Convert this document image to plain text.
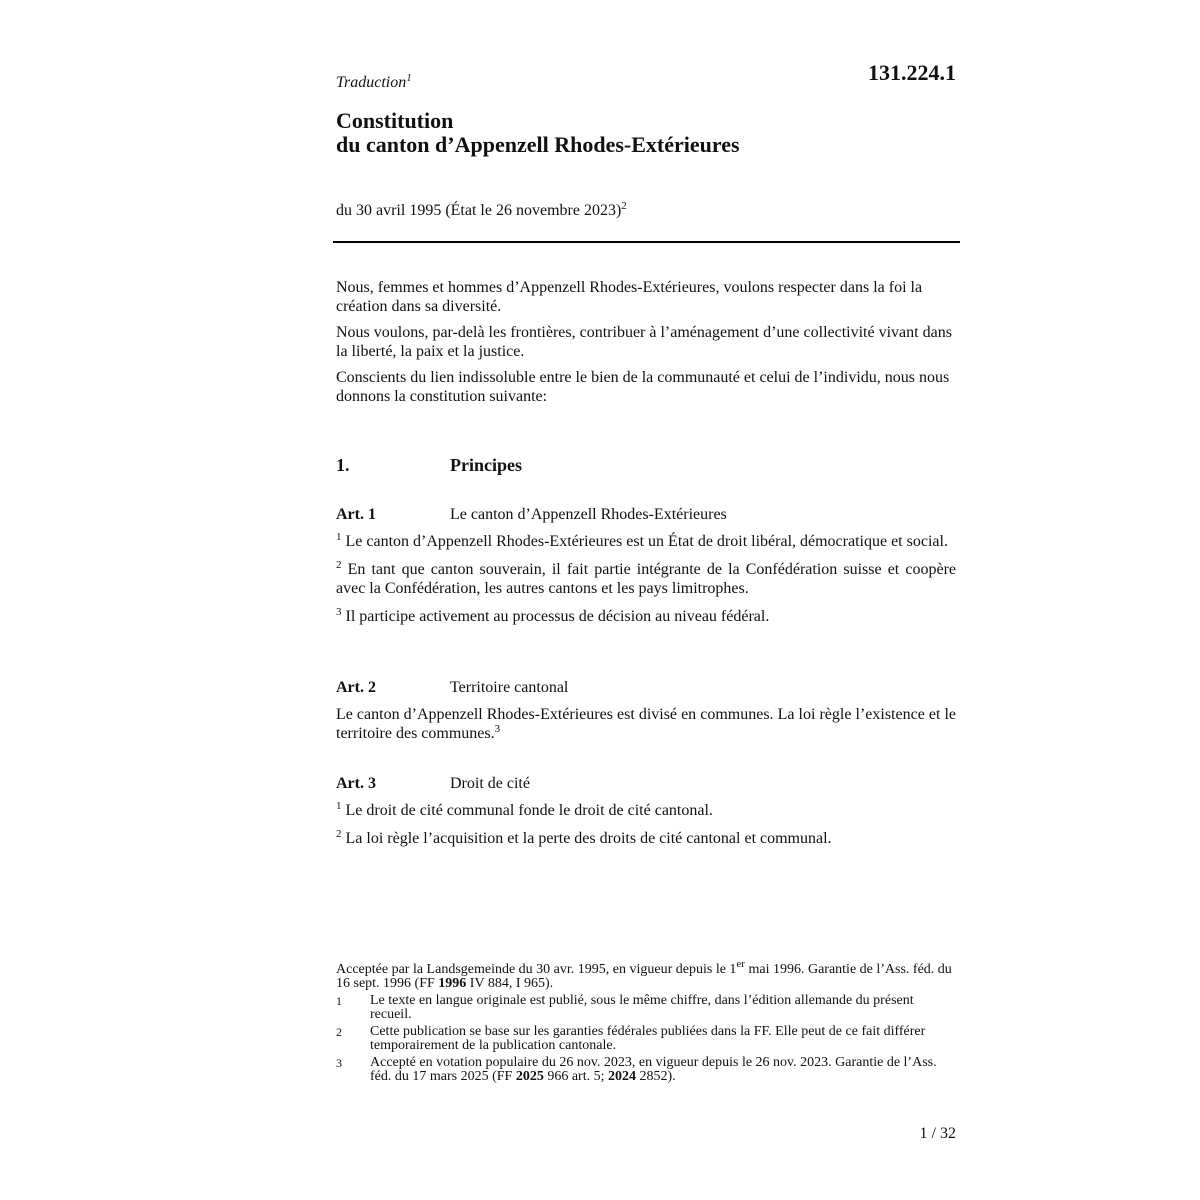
131.224.1
Traduction$^1$
Constitution
du canton d’Appenzell Rhodes-Extérieures
du 30 avril 1995 (État le 26 novembre 2023)$^2$

Nous, femmes et hommes d’Appenzell Rhodes-Extérieures, voulons respecter dans la foi la création dans sa diversité.

Nous voulons, par-delà les frontières, contribuer à l’aménagement d’une collectivité vivant dans la liberté, la paix et la justice.

Conscients du lien indissoluble entre le bien de la communauté et celui de l’individu, nous nous donnons la constitution suivante:

1.	Principes
Art. 1	Le canton d’Appenzell Rhodes-Extérieures

$^1$ Le canton d’Appenzell Rhodes-Extérieures est un État de droit libéral, démocratique et social.

$^2$ En tant que canton souverain, il fait partie intégrante de la Confédération suisse et coopère avec la Confédération, les autres cantons et les pays limitrophes.

$^3$ Il participe activement au processus de décision au niveau fédéral.

Art. 2	Territoire cantonal

Le canton d’Appenzell Rhodes-Extérieures est divisé en communes. La loi règle l’existence et le territoire des communes.$^3$

Art. 3	Droit de cité

$^1$ Le droit de cité communal fonde le droit de cité cantonal.

$^2$ La loi règle l’acquisition et la perte des droits de cité cantonal et communal.

Acceptée par la Landsgemeinde du 30 avr. 1995, en vigueur depuis le 1er mai 1996. Garantie de l’Ass. féd. du 16 sept. 1996 (FF 1996 IV 884, I 965).

1	Le texte en langue originale est publié, sous le même chiffre, dans l’édition allemande du présent recueil.
2	Cette publication se base sur les garanties fédérales publiées dans la FF. Elle peut de ce fait différer temporairement de la publication cantonale.
3	Accepté en votation populaire du 26 nov. 2023, en vigueur depuis le 26 nov. 2023. Garantie de l’Ass. féd. du 17 mars 2025 (FF 2025 966 art. 5; 2024 2852).
1 / 32
